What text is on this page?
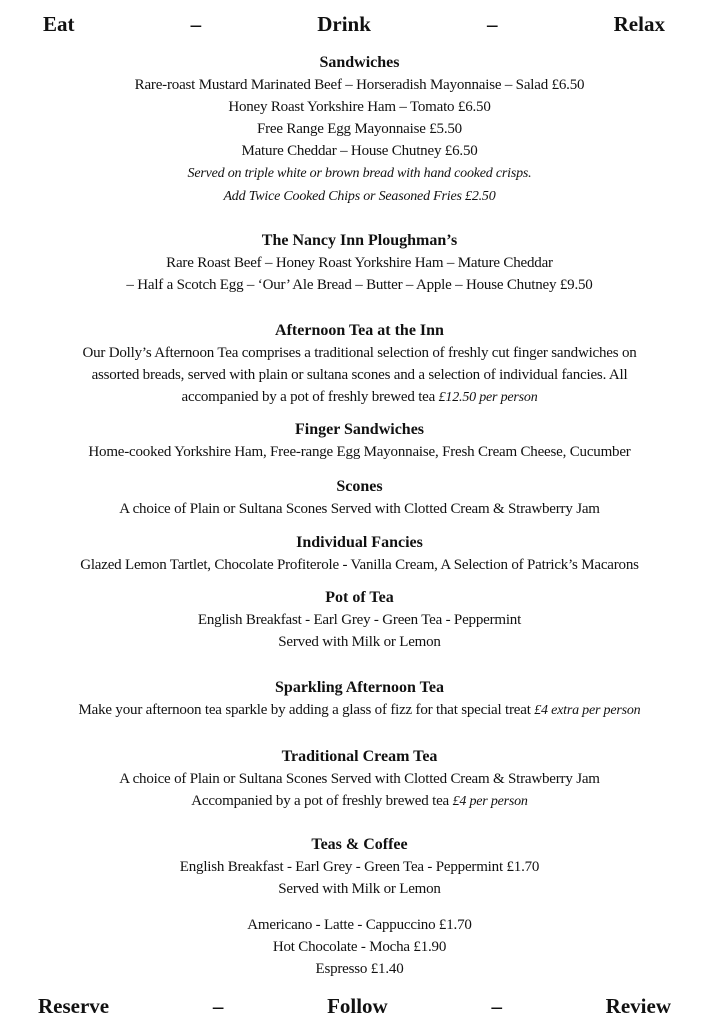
Eat	–	Drink	–	Relax
Sandwiches
Rare-roast Mustard Marinated Beef – Horseradish Mayonnaise – Salad £6.50
Honey Roast Yorkshire Ham – Tomato £6.50
Free Range Egg Mayonnaise £5.50
Mature Cheddar – House Chutney £6.50
Served on triple white or brown bread with hand cooked crisps.
Add Twice Cooked Chips or Seasoned Fries £2.50
The Nancy Inn Ploughman’s
Rare Roast Beef – Honey Roast Yorkshire Ham – Mature Cheddar
– Half a Scotch Egg – ‘Our’ Ale Bread – Butter – Apple – House Chutney £9.50
Afternoon Tea at the Inn
Our Dolly’s Afternoon Tea comprises a traditional selection of freshly cut finger sandwiches on
assorted breads, served with plain or sultana scones and a selection of individual fancies. All
accompanied by a pot of freshly brewed tea £12.50 per person
Finger Sandwiches
Home-cooked Yorkshire Ham, Free-range Egg Mayonnaise, Fresh Cream Cheese, Cucumber
Scones
A choice of Plain or Sultana Scones Served with Clotted Cream & Strawberry Jam
Individual Fancies
Glazed Lemon Tartlet, Chocolate Profiterole - Vanilla Cream, A Selection of Patrick’s Macarons
Pot of Tea
English Breakfast - Earl Grey - Green Tea - Peppermint
Served with Milk or Lemon
Sparkling Afternoon Tea
Make your afternoon tea sparkle by adding a glass of fizz for that special treat £4 extra per person
Traditional Cream Tea
A choice of Plain or Sultana Scones Served with Clotted Cream & Strawberry Jam
Accompanied by a pot of freshly brewed tea £4 per person
Teas & Coffee
English Breakfast - Earl Grey - Green Tea - Peppermint £1.70
Served with Milk or Lemon
Americano - Latte - Cappuccino £1.70
Hot Chocolate - Mocha £1.90
Espresso £1.40
Reserve	–	Follow	–	Review
